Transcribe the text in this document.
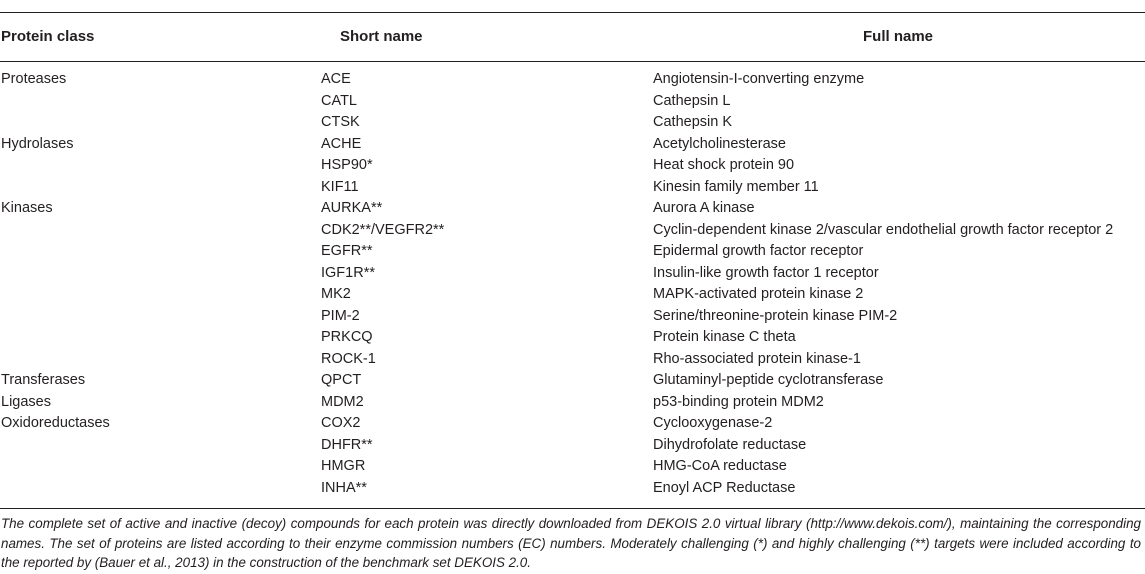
Protein class	Short name	Full name
Proteases	ACE	Angiotensin-I-converting enzyme
	CATL	Cathepsin L
	CTSK	Cathepsin K
Hydrolases	ACHE	Acetylcholinesterase
	HSP90*	Heat shock protein 90
	KIF11	Kinesin family member 11
Kinases	AURKA**	Aurora A kinase
	CDK2**/VEGFR2**	Cyclin-dependent kinase 2/vascular endothelial growth factor receptor 2
	EGFR**	Epidermal growth factor receptor
	IGF1R**	Insulin-like growth factor 1 receptor
	MK2	MAPK-activated protein kinase 2
	PIM-2	Serine/threonine-protein kinase PIM-2
	PRKCQ	Protein kinase C theta
	ROCK-1	Rho-associated protein kinase-1
Transferases	QPCT	Glutaminyl-peptide cyclotransferase
Ligases	MDM2	p53-binding protein MDM2
Oxidoreductases	COX2	Cyclooxygenase-2
	DHFR**	Dihydrofolate reductase
	HMGR	HMG-CoA reductase
	INHA**	Enoyl ACP Reductase
The complete set of active and inactive (decoy) compounds for each protein was directly downloaded from DEKOIS 2.0 virtual library (http://www.dekois.com/), maintaining the corresponding names. The set of proteins are listed according to their enzyme commission numbers (EC) numbers. Moderately challenging (*) and highly challenging (**) targets were included according to the reported by (Bauer et al., 2013) in the construction of the benchmark set DEKOIS 2.0.
